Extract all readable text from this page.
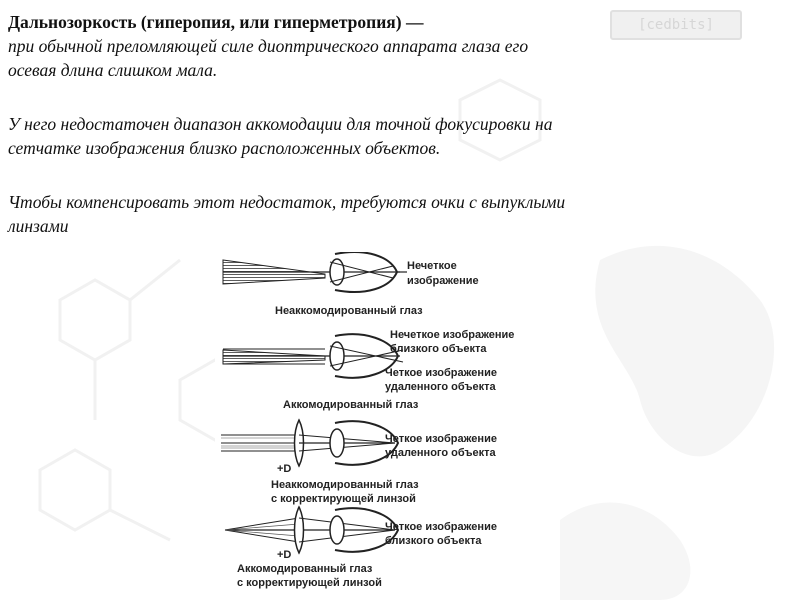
[cedbits]

Дальнозоркость (гиперопия, или гиперметропия) —

при обычной преломляющей силе диоптрического аппарата глаза его

осевая длина слишком мала.

У него недостаточен диапазон аккомодации для точной фокусировки на

сетчатке изображения близко расположенных объектов.

Чтобы компенсировать этот недостаток, требуются очки с выпуклыми

линзами

Нечеткое
изображение
Неаккомодированный глаз
Нечеткое изображение
близкого объекта
Четкое изображение
удаленного объекта
Аккомодированный глаз
+D
Четкое изображение
удаленного объекта
Неаккомодированный глаз
с корректирующей линзой
+D
Четкое изображение
близкого объекта
Аккомодированный глаз
с корректирующей линзой
